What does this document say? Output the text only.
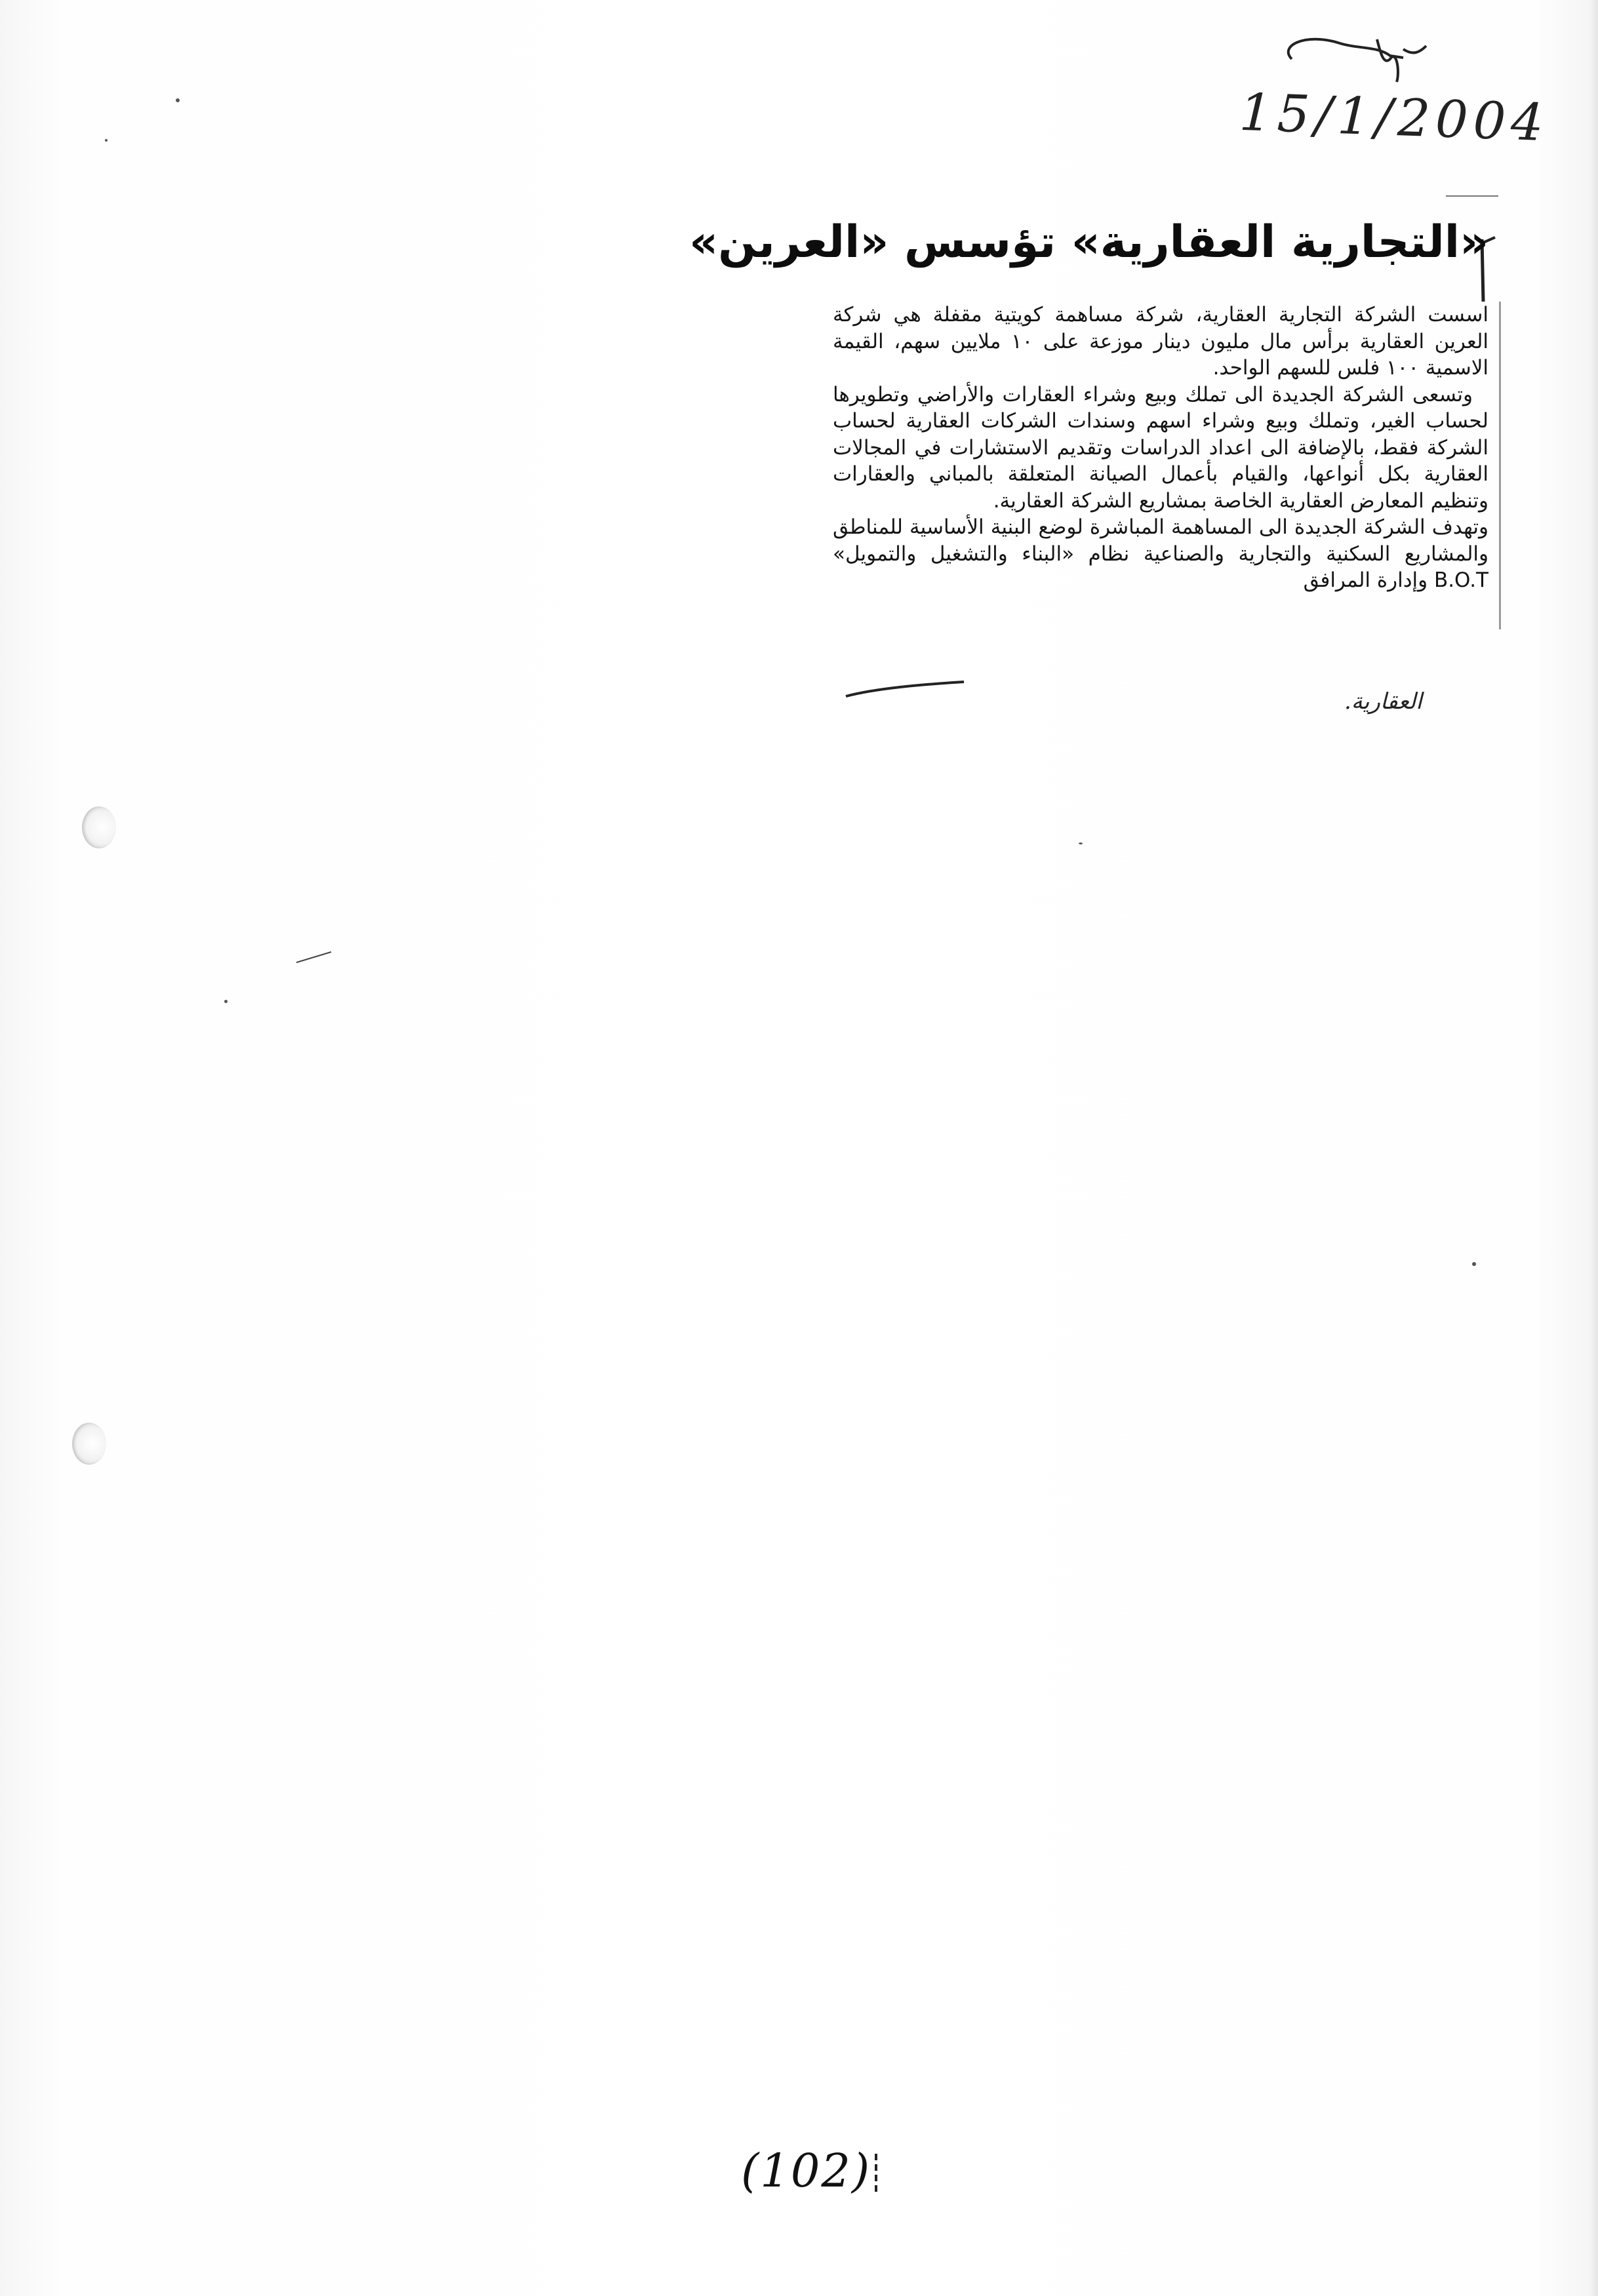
15/1/2004
«التجارية العقارية» تؤسس «العرين»

اسست الشركة التجارية العقارية، شركة مساهمة كويتية مقفلة هي شركة العرين العقارية برأس مال مليون دينار موزعة على ١٠ ملايين سهم، القيمة الاسمية ١٠٠ فلس للسهم الواحد.

وتسعى الشركة الجديدة الى تملك وبيع وشراء العقارات والأراضي وتطويرها لحساب الغير، وتملك وبيع وشراء اسهم وسندات الشركات العقارية لحساب الشركة فقط، بالإضافة الى اعداد الدراسات وتقديم الاستشارات في المجالات العقارية بكل أنواعها، والقيام بأعمال الصيانة المتعلقة بالمباني والعقارات وتنظيم المعارض العقارية الخاصة بمشاريع الشركة العقارية.

وتهدف الشركة الجديدة الى المساهمة المباشرة لوضع البنية الأساسية للمناطق والمشاريع السكنية والتجارية والصناعية نظام «البناء والتشغيل والتمويل» B.O.T وإدارة المرافق

العقارية.
(102)
